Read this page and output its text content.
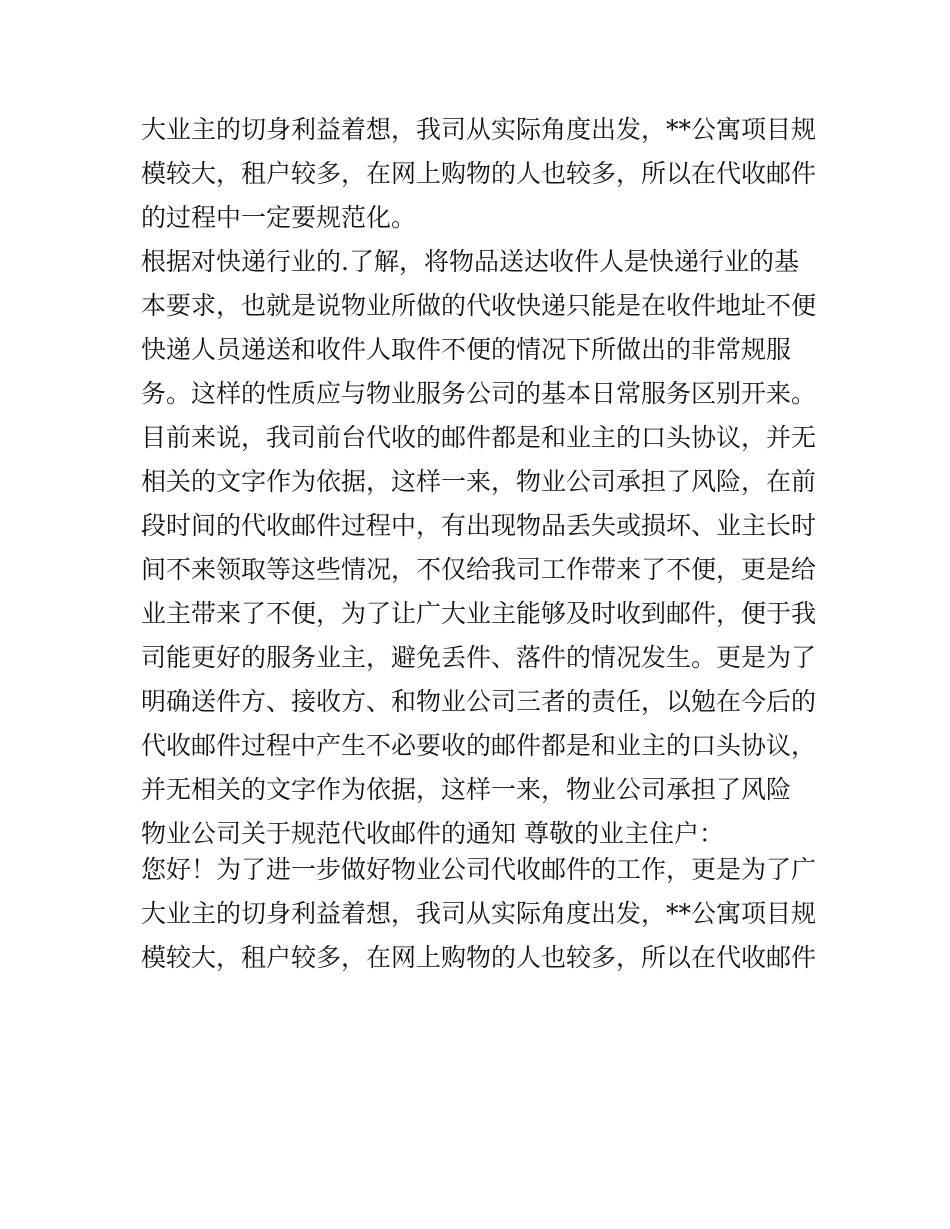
大业主的切身利益着想，我司从实际角度出发，**公寓项目规
模较大，租户较多，在网上购物的人也较多，所以在代收邮件
的过程中一定要规范化。
根据对快递行业的.了解，将物品送达收件人是快递行业的基
本要求，也就是说物业所做的代收快递只能是在收件地址不便
快递人员递送和收件人取件不便的情况下所做出的非常规服
务。这样的性质应与物业服务公司的基本日常服务区别开来。
目前来说，我司前台代收的邮件都是和业主的口头协议，并无
相关的文字作为依据，这样一来，物业公司承担了风险，在前
段时间的代收邮件过程中，有出现物品丢失或损坏、业主长时
间不来领取等这些情况，不仅给我司工作带来了不便，更是给
业主带来了不便，为了让广大业主能够及时收到邮件，便于我
司能更好的服务业主，避免丢件、落件的情况发生。更是为了
明确送件方、接收方、和物业公司三者的责任，以勉在今后的
代收邮件过程中产生不必要收的邮件都是和业主的口头协议，
并无相关的文字作为依据，这样一来，物业公司承担了风险
物业公司关于规范代收邮件的通知 尊敬的业主住户：
您好！为了进一步做好物业公司代收邮件的工作，更是为了广
大业主的切身利益着想，我司从实际角度出发，**公寓项目规
模较大，租户较多，在网上购物的人也较多，所以在代收邮件
